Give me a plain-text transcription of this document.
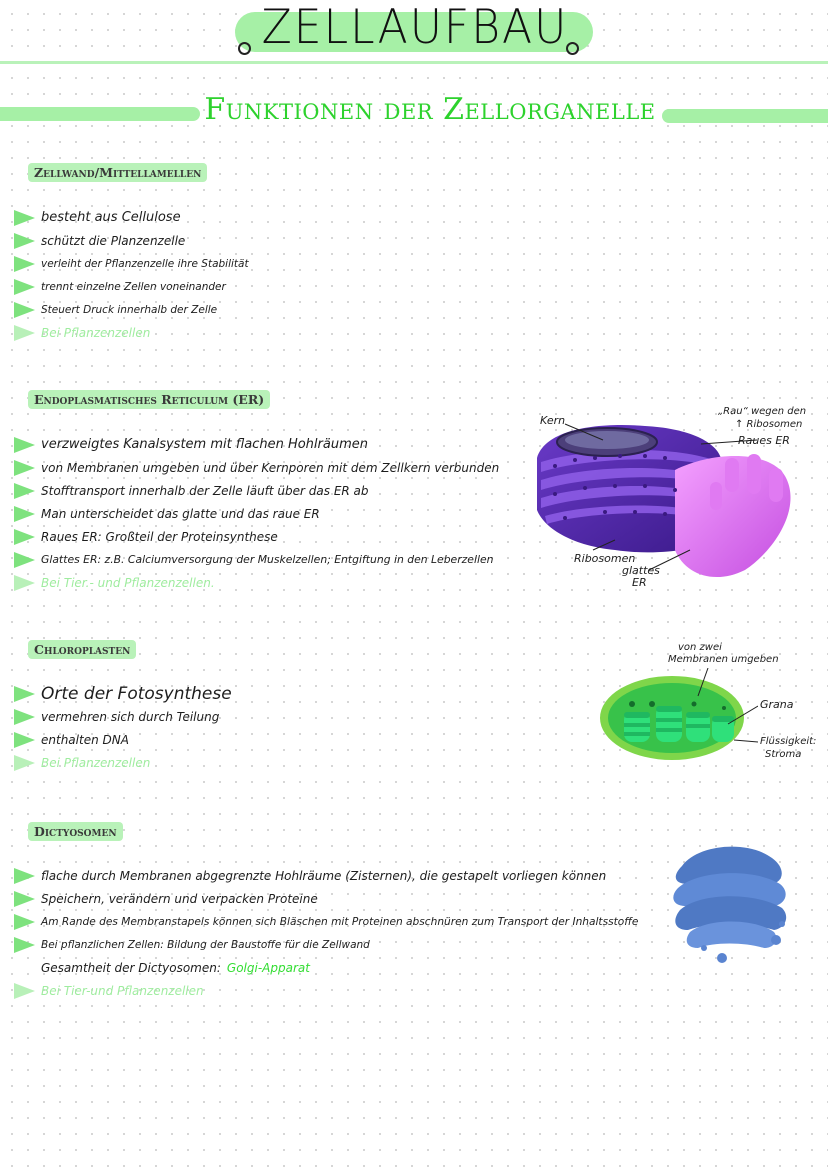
ZELLAUFBAU
Funktionen der Zellorganelle
Zellwand/Mittellamellen
besteht aus Cellulose
schützt die Planzenzelle
verleiht der Pflanzenzelle ihre Stabilität
trennt einzelne Zellen voneinander
Steuert Druck innerhalb der Zelle
Bei Pflanzenzellen
Endoplasmatisches Reticulum (ER)
verzweigtes Kanalsystem mit flachen Hohlräumen
von Membranen umgeben und über Kernporen mit dem Zellkern verbunden
Stofftransport innerhalb der Zelle läuft über das ER ab
Man unterscheidet das glatte und das raue ER
Raues ER: Großteil der Proteinsynthese
Glattes ER: z.B. Calciumversorgung der Muskelzellen; Entgiftung in den Leberzellen
Bei Tier.- und Pflanzenzellen.
Kern
„Rau“ wegen den
↑ Ribosomen
Raues ER
Ribosomen
glattes
ER
Chloroplasten
Orte der Fotosynthese
vermehren sich durch Teilung
enthalten DNA
Bei Pflanzenzellen
von zwei
Membranen umgeben
Grana
Flüssigkeit:
Stroma
Dictyosomen
flache durch Membranen abgegrenzte Hohlräume (Zisternen), die gestapelt vorliegen können
Speichern, verändern und verpacken Proteine
Am Rande des Membranstapels können sich Bläschen mit Proteinen abschnüren zum Transport der Inhaltsstoffe
Bei pflanzlichen Zellen: Bildung der Baustoffe für die Zellwand
Gesamtheit der Dictyosomen: Golgi-Apparat
Bei Tier-und Pflanzenzellen
